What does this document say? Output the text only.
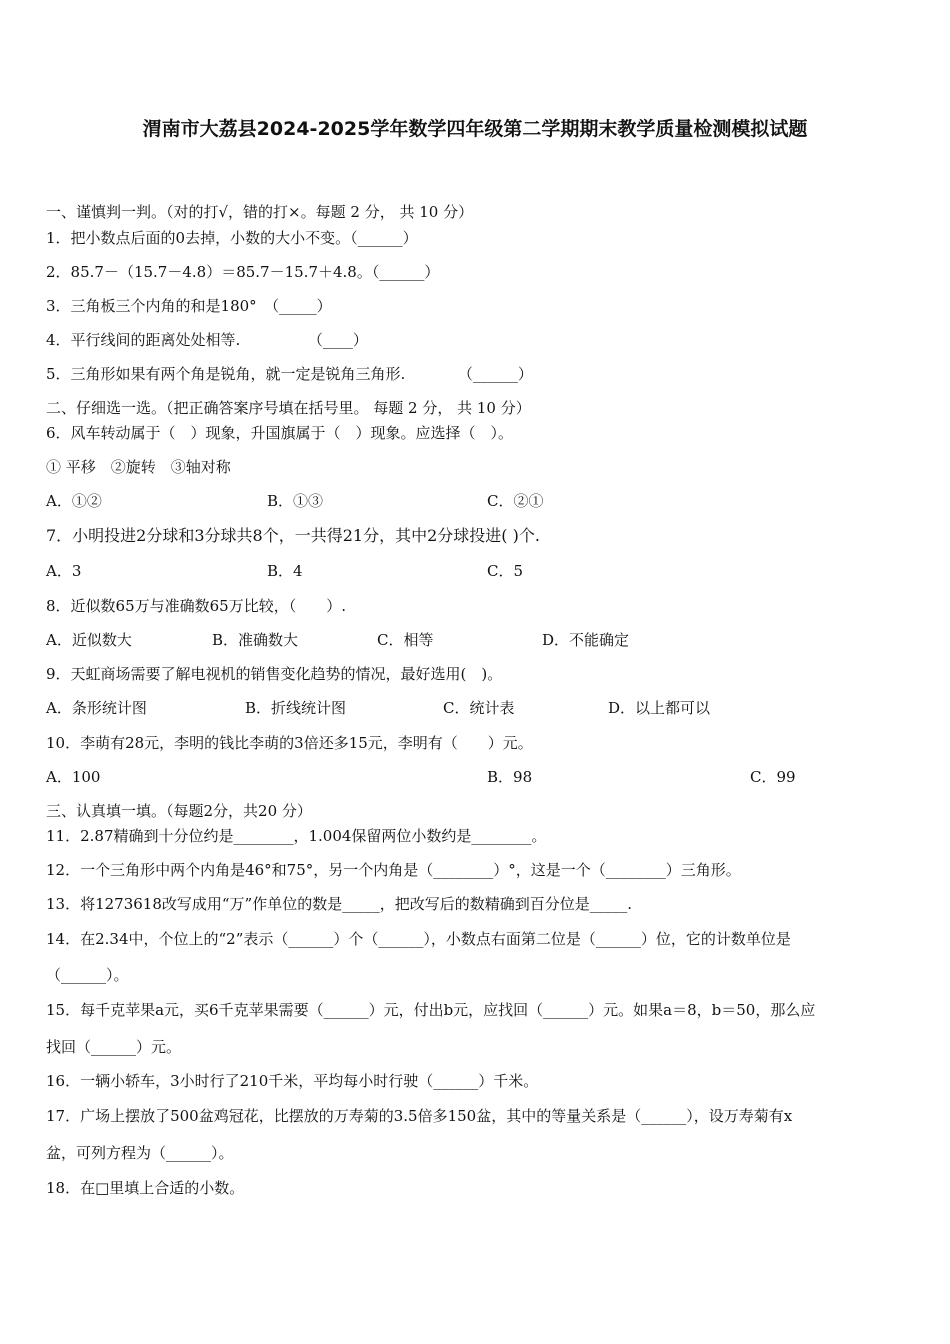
渭南市大荔县2024-2025学年数学四年级第二学期期末教学质量检测模拟试题
一、谨慎判一判。（对的打√，错的打×。每题 2 分， 共 10 分）
1．把小数点后面的0去掉，小数的大小不变。（______）
2．85.7－（15.7－4.8）＝85.7－15.7＋4.8。（______）
3．三角板三个内角的和是180°　（_____）
4．平行线间的距离处处相等.　　　　　（____）
5．三角形如果有两个角是锐角，就一定是锐角三角形.　　　　（______）
二、仔细选一选。（把正确答案序号填在括号里。 每题 2 分， 共 10 分）
6．风车转动属于（　）现象，升国旗属于（　）现象。应选择（　）。
① 平移　②旋转　③轴对称
A．①②	B．①③	C．②①
7．小明投进2分球和3分球共8个，一共得21分，其中2分球投进( )个.
A．3	B．4	C．5
8．近似数65万与准确数65万比较，（　　）.
A．近似数大	B．准确数大	C．相等	D．不能确定
9．天虹商场需要了解电视机的销售变化趋势的情况，最好选用(　)。
A．条形统计图	B．折线统计图	C．统计表	D．以上都可以
10．李萌有28元，李明的钱比李萌的3倍还多15元，李明有（　　）元。
A．100	B．98	C．99
三、认真填一填。（每题2分，共20 分）
11．2.87精确到十分位约是________，1.004保留两位小数约是________。
12．一个三角形中两个内角是46°和75°，另一个内角是（________）°，这是一个（________）三角形。
13．将1273618改写成用“万”作单位的数是_____，把改写后的数精确到百分位是_____.
14．在2.34中，个位上的“2”表示（______）个（______），小数点右面第二位是（______）位，它的计数单位是
（______）。
15．每千克苹果a元，买6千克苹果需要（______）元，付出b元，应找回（______）元。如果a＝8，b＝50，那么应
找回（______）元。
16．一辆小轿车，3小时行了210千米，平均每小时行驶（______）千米。
17．广场上摆放了500盆鸡冠花，比摆放的万寿菊的3.5倍多150盆，其中的等量关系是（______），设万寿菊有x
盆，可列方程为（______）。
18．在□里填上合适的小数。
